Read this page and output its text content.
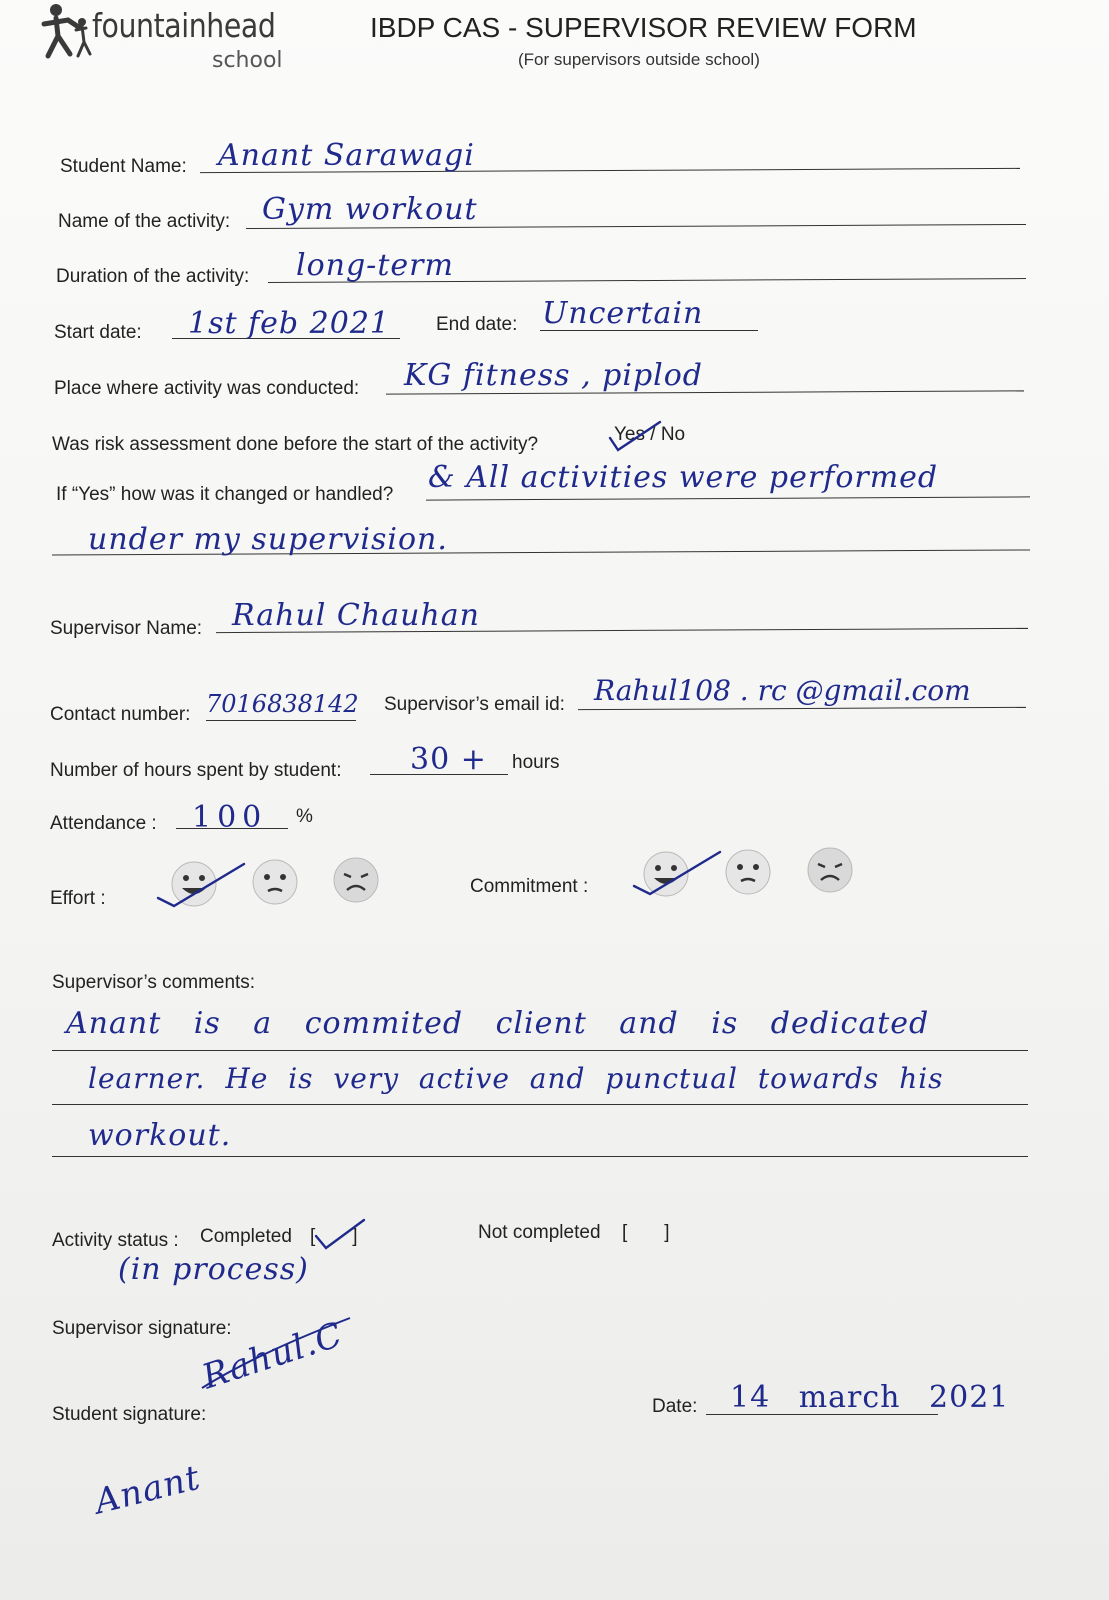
fountainhead
school
IBDP CAS - SUPERVISOR REVIEW FORM
(For supervisors outside school)
Student Name: Anant Sarawagi
Name of the activity: Gym workout
Duration of the activity: long-term
Start date: 1st feb 2021 End date: Uncertain
Place where activity was conducted: KG fitness , piplod
Was risk assessment done before the start of the activity?	Yes / No
If “Yes” how was it changed or handled? & All activities were performed
under my supervision.
Supervisor Name: Rahul Chauhan
Contact number: 7016838142 Supervisor’s email id: Rahul108 . rc @gmail.com
Number of hours spent by student: 30 + hours
Attendance : 100 %
Effort :
Commitment :
Supervisor’s comments:
Anant is a commited client and is dedicated
learner. He is very active and punctual towards his
workout.
Activity status : Completed [       ]
(in process)
Not completed [       ]
Supervisor signature:
Rahul.C
Student signature:
Anant
Date: 14 march 2021
